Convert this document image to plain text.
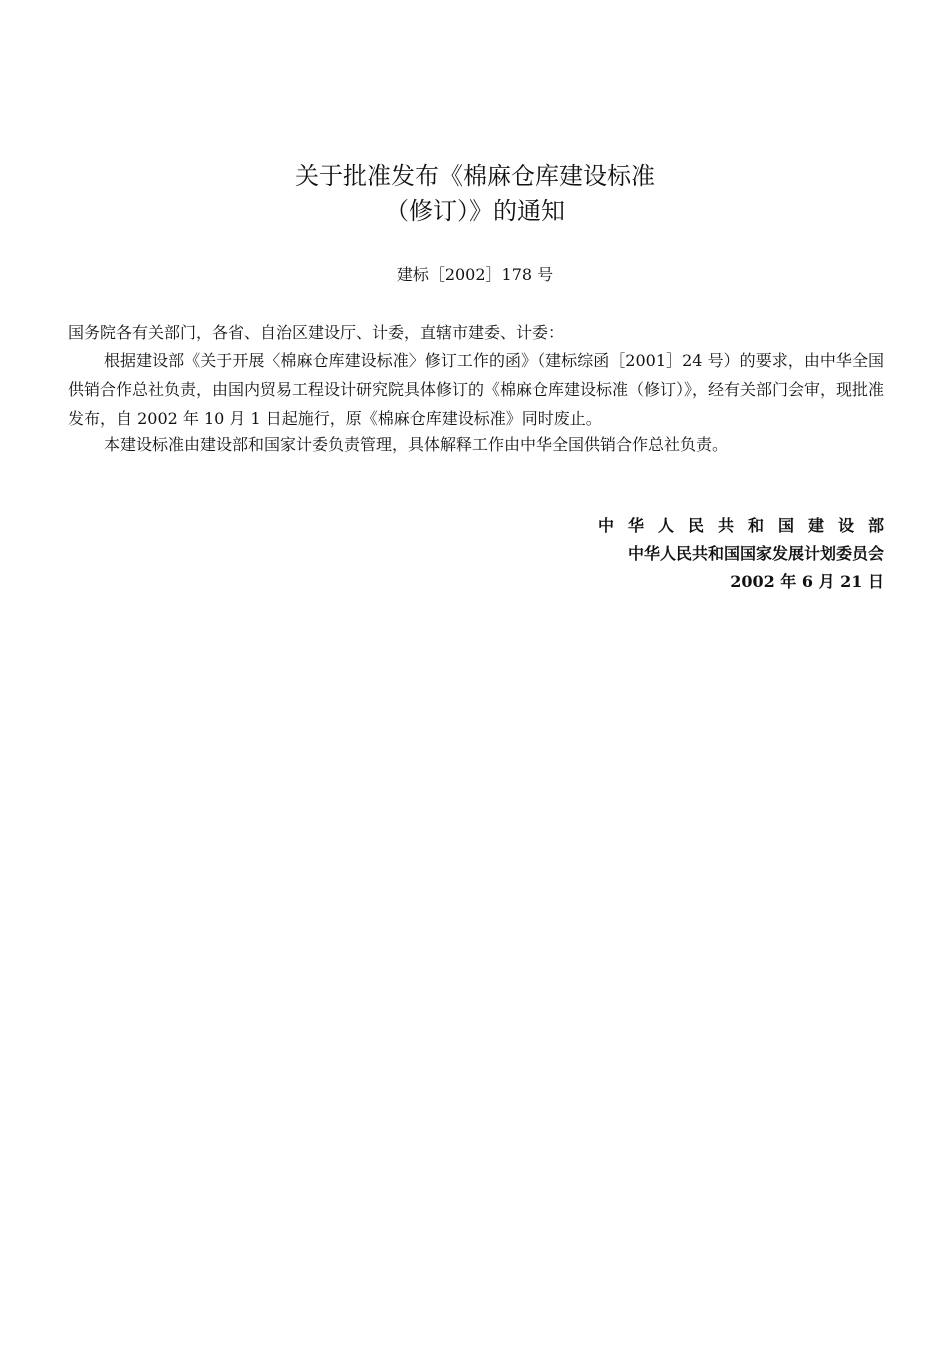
关于批准发布《棉麻仓库建设标准
（修订）》的通知
建标［2002］178 号
国务院各有关部门，各省、自治区建设厅、计委，直辖市建委、计委：
根据建设部《关于开展〈棉麻仓库建设标准〉修订工作的函》（建标综函［2001］24 号）的要求，由中华全国供销合作总社负责，由国内贸易工程设计研究院具体修订的《棉麻仓库建设标准（修订）》，经有关部门会审，现批准发布，自 2002 年 10 月 1 日起施行，原《棉麻仓库建设标准》同时废止。
本建设标准由建设部和国家计委负责管理，具体解释工作由中华全国供销合作总社负责。
中华人民共和国建设部
中华人民共和国国家发展计划委员会
2002 年 6 月 21 日
